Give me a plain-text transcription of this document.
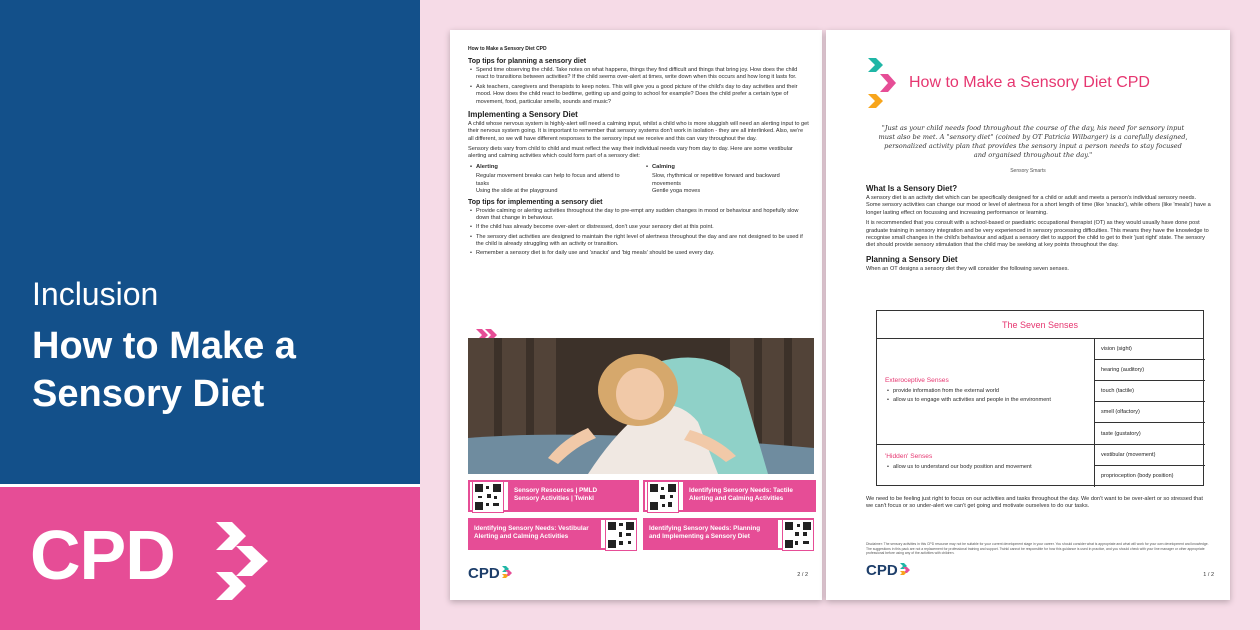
Inclusion
How to Make a Sensory Diet
CPD
How to Make a Sensory Diet CPD
Top tips for planning a sensory diet
• Spend time observing the child. Take notes on what happens, things they find difficult and things that bring joy. How does the child react to transitions between activities? If the child seems over-alert at times, write down when this occurs and how long it lasts for.
• Ask teachers, caregivers and therapists to keep notes. This will give you a good picture of the child's day to day activities and their mood. How does the child react to bedtime, getting up and going to school for example? Does the child prefer a certain type of movement, food, particular smells, sounds and music?
Implementing a Sensory Diet

A child whose nervous system is highly-alert will need a calming input, whilst a child who is more sluggish will need an alerting input to get their nervous system going. It is important to remember that sensory systems don't work in isolation - they are all interlinked. Also, we're all different, so we will have different responses to the sensory input we receive and this can vary throughout the day.

Sensory diets vary from child to child and must reflect the way their individual needs vary from day to day. Here are some vestibular alerting and calming activities which could form part of a sensory diet:

• Alerting
Regular movement breaks can help to focus and attend to tasks
Using the slide at the playground
• Calming
Slow, rhythmical or repetitive forward and backward movements
Gentle yoga moves
Top tips for implementing a sensory diet
• Provide calming or alerting activities throughout the day to pre-empt any sudden changes in mood or behaviour and hopefully slow down that change in behaviour.
• If the child has already become over-alert or distressed, don't use your sensory diet at this point.
• The sensory diet activities are designed to maintain the right level of alertness throughout the day and are not designed to be used if the child is already struggling with an activity or transition.
• Remember a sensory diet is for daily use and 'snacks' and 'big meals' should be used every day.
Sensory Resources | PMLD Sensory Activities | Twinkl
Identifying Sensory Needs: Tactile Alerting and Calming Activities
Identifying Sensory Needs: Vestibular Alerting and Calming Activities
Identifying Sensory Needs: Planning and Implementing a Sensory Diet
CPD	2 / 2
How to Make a Sensory Diet CPD
"Just as your child needs food throughout the course of the day, his need for sensory input must also be met. A "sensory diet" (coined by OT Patricia Wilbarger) is a carefully designed, personalized activity plan that provides the sensory input a person needs to stay focused and organised throughout the day."
Sensory Smarts
What Is a Sensory Diet?

A sensory diet is an activity diet which can be specifically designed for a child or adult and meets a person's individual sensory needs. Some sensory activities can change our mood or level of alertness for a short length of time (like 'snacks'), while others (like 'meals') have a longer lasting effect on focussing and increasing performance or learning.

It is recommended that you consult with a school-based or paediatric occupational therapist (OT) as they would usually have done post graduate training in sensory integration and be very experienced in sensory processing difficulties. This means they have the knowledge to recognise small changes in the child's behaviour and adjust a sensory diet to support the child to get to their 'just right' state. The sensory diet should provide sensory stimulation that the child may be seeking at key points throughout the day.

Planning a Sensory Diet

When an OT designs a sensory diet they will consider the following seven senses.

The Seven Senses
Exteroceptive Senses
• provide information from the external world
• allow us to engage with activities and people in the environment
vision (sight)
hearing (auditory)
touch (tactile)
smell (olfactory)
taste (gustatory)
'Hidden' Senses
• allow us to understand our body position and movement
vestibular (movement)
proprioception (body position)

We need to be feeling just right to focus on our activities and tasks throughout the day. We don't want to be over-alert or so stressed that we can't focus or so under-alert we can't get going and motivate ourselves to do our tasks.

Disclaimer: The sensory activities in this CPD resource may not be suitable for your current development stage in your career. You should consider what is appropriate and what will work for your own development and knowledge. The suggestions in this pack are not a replacement for professional training and support. Twinkl cannot be responsible for how this guidance is used in practice, and you should check with your line manager or other appropriate professional before using any of the activities with children.

CPD	1 / 2
